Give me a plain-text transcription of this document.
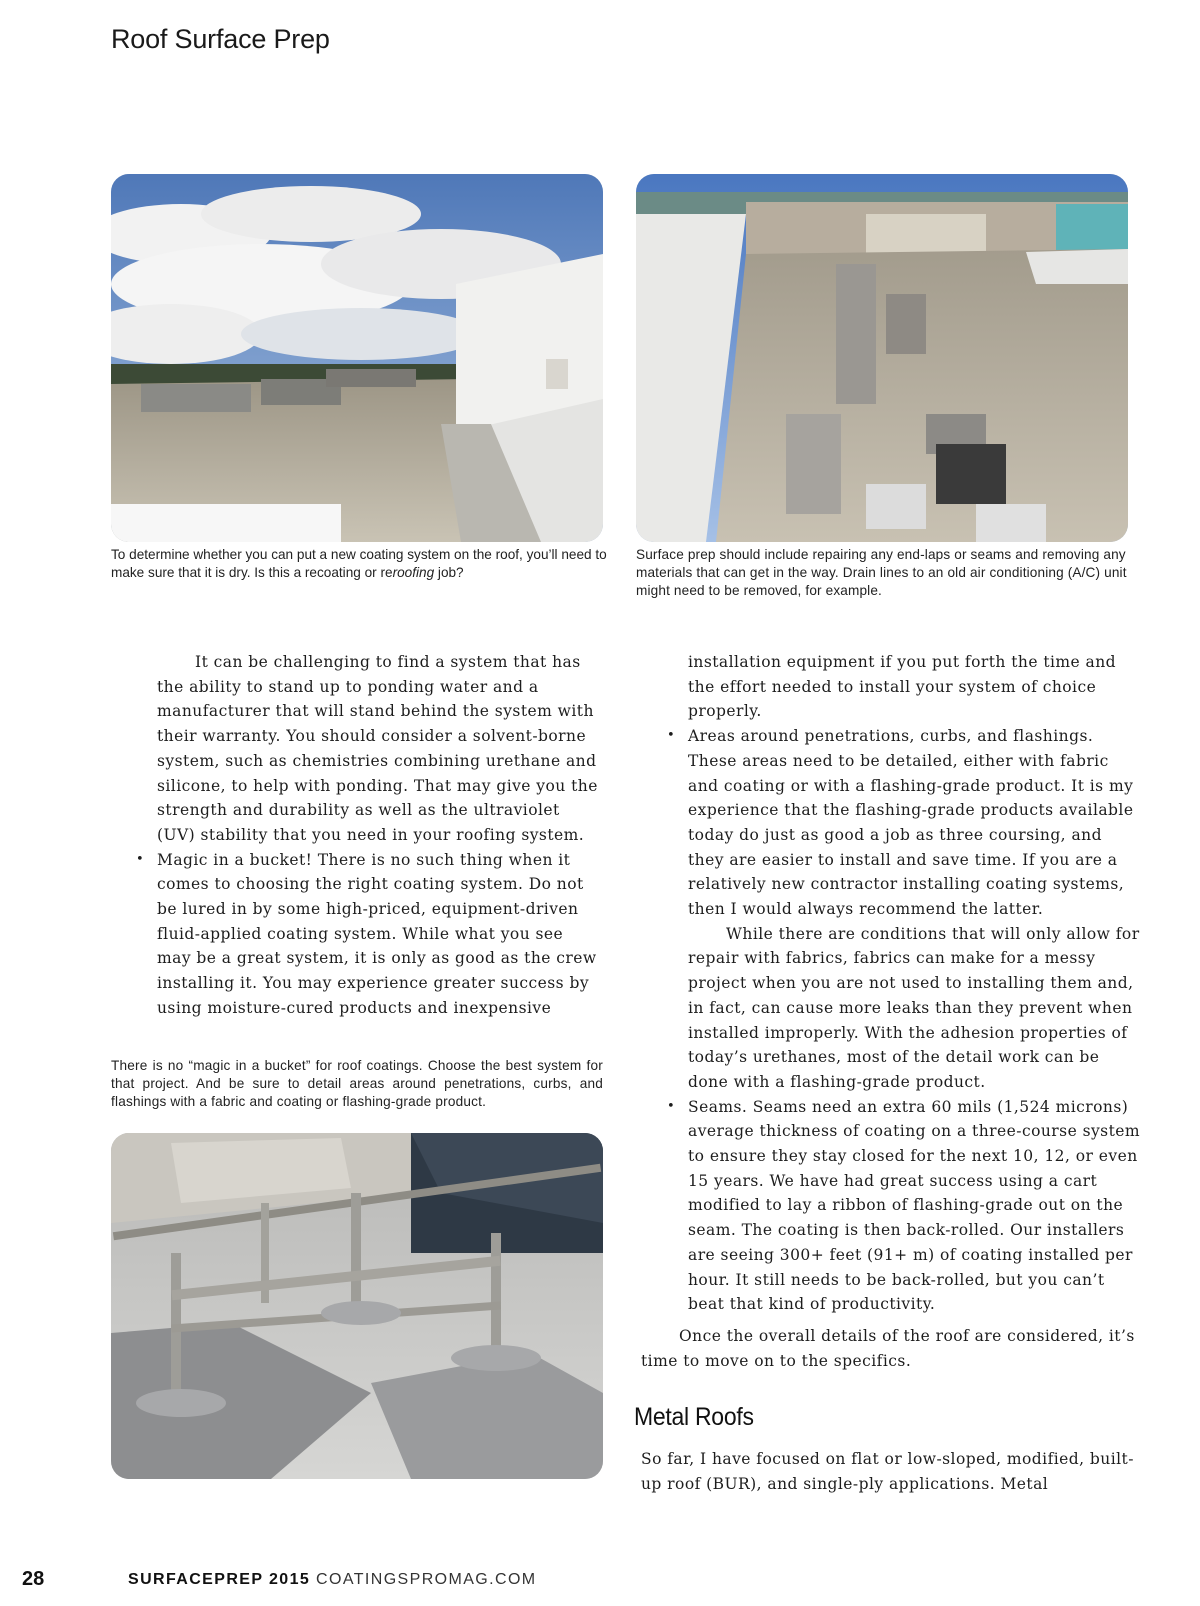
Roof Surface Prep
To determine whether you can put a new coating system on the roof, you’ll need to make sure that it is dry. Is this a recoating or reroofing job?
Surface prep should include repairing any end-laps or seams and removing any materials that can get in the way. Drain lines to an old air conditioning (A/C) unit might need to be removed, for example.

It can be challenging to find a system that has the ability to stand up to ponding water and a manufacturer that will stand behind the system with their warranty. You should consider a solvent-borne system, such as chemistries combining urethane and silicone, to help with ponding. That may give you the strength and durability as well as the ultraviolet (UV) stability that you need in your roofing system.

• Magic in a bucket! There is no such thing when it comes to choosing the right coating system. Do not be lured in by some high-priced, equipment-driven fluid-applied coating system. While what you see may be a great system, it is only as good as the crew installing it. You may experience greater success by using moisture-cured products and inexpensive
There is no “magic in a bucket” for roof coatings. Choose the best system for that project. And be sure to detail areas around penetrations, curbs, and flashings with a fabric and coating or flashing-grade product.

installation equipment if you put forth the time and the effort needed to install your system of choice properly.

• Areas around penetrations, curbs, and flashings. These areas need to be detailed, either with fabric and coating or with a flashing-grade product. It is my experience that the flashing-grade products available today do just as good a job as three coursing, and they are easier to install and save time. If you are a relatively new contractor installing coating systems, then I would always recommend the latter.

While there are conditions that will only allow for repair with fabrics, fabrics can make for a messy project when you are not used to installing them and, in fact, can cause more leaks than they prevent when installed improperly. With the adhesion properties of today’s urethanes, most of the detail work can be done with a flashing-grade product.

• Seams. Seams need an extra 60 mils (1,524 microns) average thickness of coating on a three-course system to ensure they stay closed for the next 10, 12, or even 15 years. We have had great success using a cart modified to lay a ribbon of flashing-grade out on the seam. The coating is then back-rolled. Our installers are seeing 300+ feet (91+ m) of coating installed per hour. It still needs to be back-rolled, but you can’t beat that kind of productivity.

Once the overall details of the roof are considered, it’s time to move on to the specifics.

Metal Roofs

So far, I have focused on flat or low-sloped, modified, built-up roof (BUR), and single-ply applications. Metal

28	SURFACEPREP 2015 COATINGSPROMAG.COM
